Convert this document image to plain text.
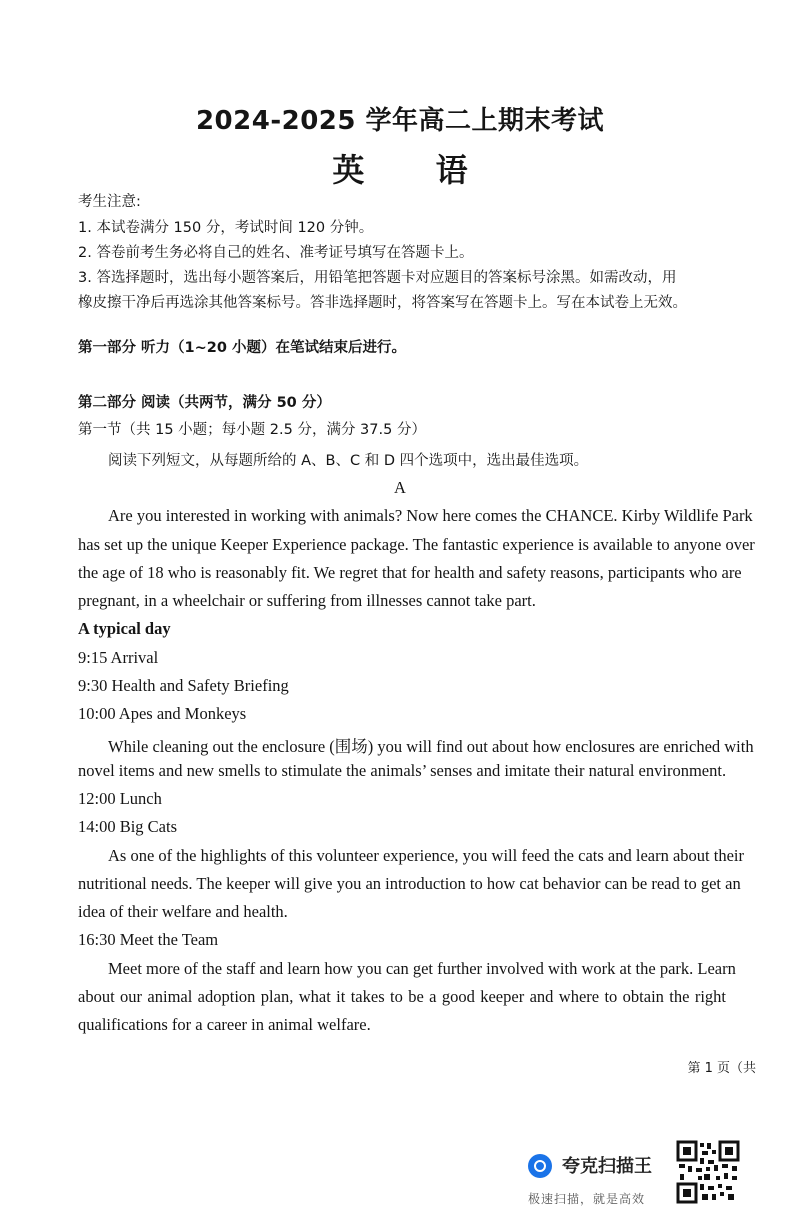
2024-2025 学年高二上期末考试
英 语
考生注意:
1. 本试卷满分 150 分，考试时间 120 分钟。
2. 答卷前考生务必将自己的姓名、准考证号填写在答题卡上。
3. 答选择题时，选出每小题答案后，用铅笔把答题卡对应题目的答案标号涂黑。如需改动，用
橡皮擦干净后再选涂其他答案标号。答非选择题时，将答案写在答题卡上。写在本试卷上无效。
第一部分 听力（1~20 小题）在笔试结束后进行。
第二部分 阅读（共两节，满分 50 分）
第一节（共 15 小题；每小题 2.5 分，满分 37.5 分）
阅读下列短文，从每题所给的 A、B、C 和 D 四个选项中，选出最佳选项。
A
Are you interested in working with animals? Now here comes the CHANCE. Kirby Wildlife Park
has set up the unique Keeper Experience package. The fantastic experience is available to anyone over
the age of 18 who is reasonably fit. We regret that for health and safety reasons, participants who are
pregnant, in a wheelchair or suffering from illnesses cannot take part.
A typical day
9:15 Arrival
9:30 Health and Safety Briefing
10:00 Apes and Monkeys
While cleaning out the enclosure (围场) you will find out about how enclosures are enriched with
novel items and new smells to stimulate the animals’ senses and imitate their natural environment.
12:00 Lunch
14:00 Big Cats
As one of the highlights of this volunteer experience, you will feed the cats and learn about their
nutritional needs. The keeper will give you an introduction to how cat behavior can be read to get an
idea of their welfare and health.
16:30 Meet the Team
Meet more of the staff and learn how you can get further involved with work at the park. Learn
about our animal adoption plan, what it takes to be a good keeper and where to obtain the right
qualifications for a career in animal welfare.
第 1 页（共
夸克扫描王
极速扫描，就是高效
